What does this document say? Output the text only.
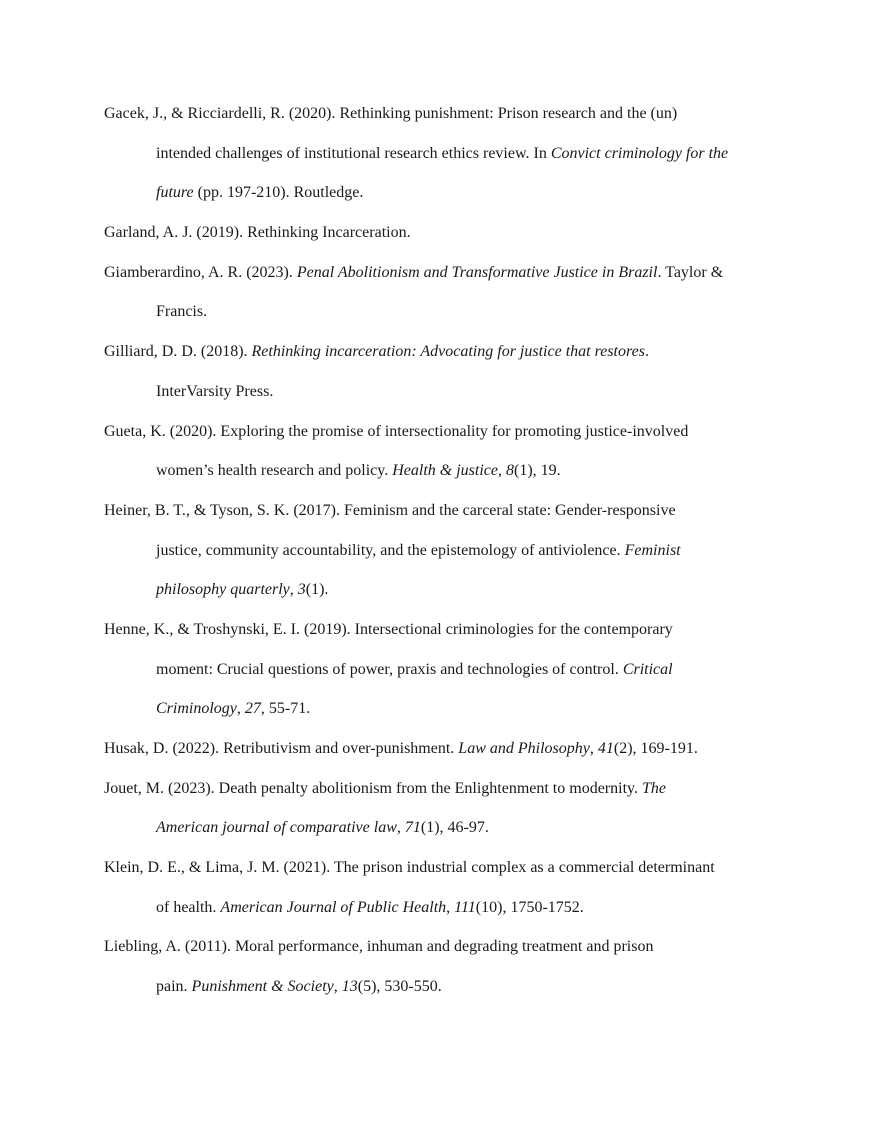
Gacek, J., & Ricciardelli, R. (2020). Rethinking punishment: Prison research and the (un)
intended challenges of institutional research ethics review. In Convict criminology for the
future (pp. 197-210). Routledge.
Garland, A. J. (2019). Rethinking Incarceration.
Giamberardino, A. R. (2023). Penal Abolitionism and Transformative Justice in Brazil. Taylor &
Francis.
Gilliard, D. D. (2018). Rethinking incarceration: Advocating for justice that restores.
InterVarsity Press.
Gueta, K. (2020). Exploring the promise of intersectionality for promoting justice-involved
women’s health research and policy. Health & justice, 8(1), 19.
Heiner, B. T., & Tyson, S. K. (2017). Feminism and the carceral state: Gender-responsive
justice, community accountability, and the epistemology of antiviolence. Feminist
philosophy quarterly, 3(1).
Henne, K., & Troshynski, E. I. (2019). Intersectional criminologies for the contemporary
moment: Crucial questions of power, praxis and technologies of control. Critical
Criminology, 27, 55-71.
Husak, D. (2022). Retributivism and over-punishment. Law and Philosophy, 41(2), 169-191.
Jouet, M. (2023). Death penalty abolitionism from the Enlightenment to modernity. The
American journal of comparative law, 71(1), 46-97.
Klein, D. E., & Lima, J. M. (2021). The prison industrial complex as a commercial determinant
of health. American Journal of Public Health, 111(10), 1750-1752.
Liebling, A. (2011). Moral performance, inhuman and degrading treatment and prison
pain. Punishment & Society, 13(5), 530-550.
